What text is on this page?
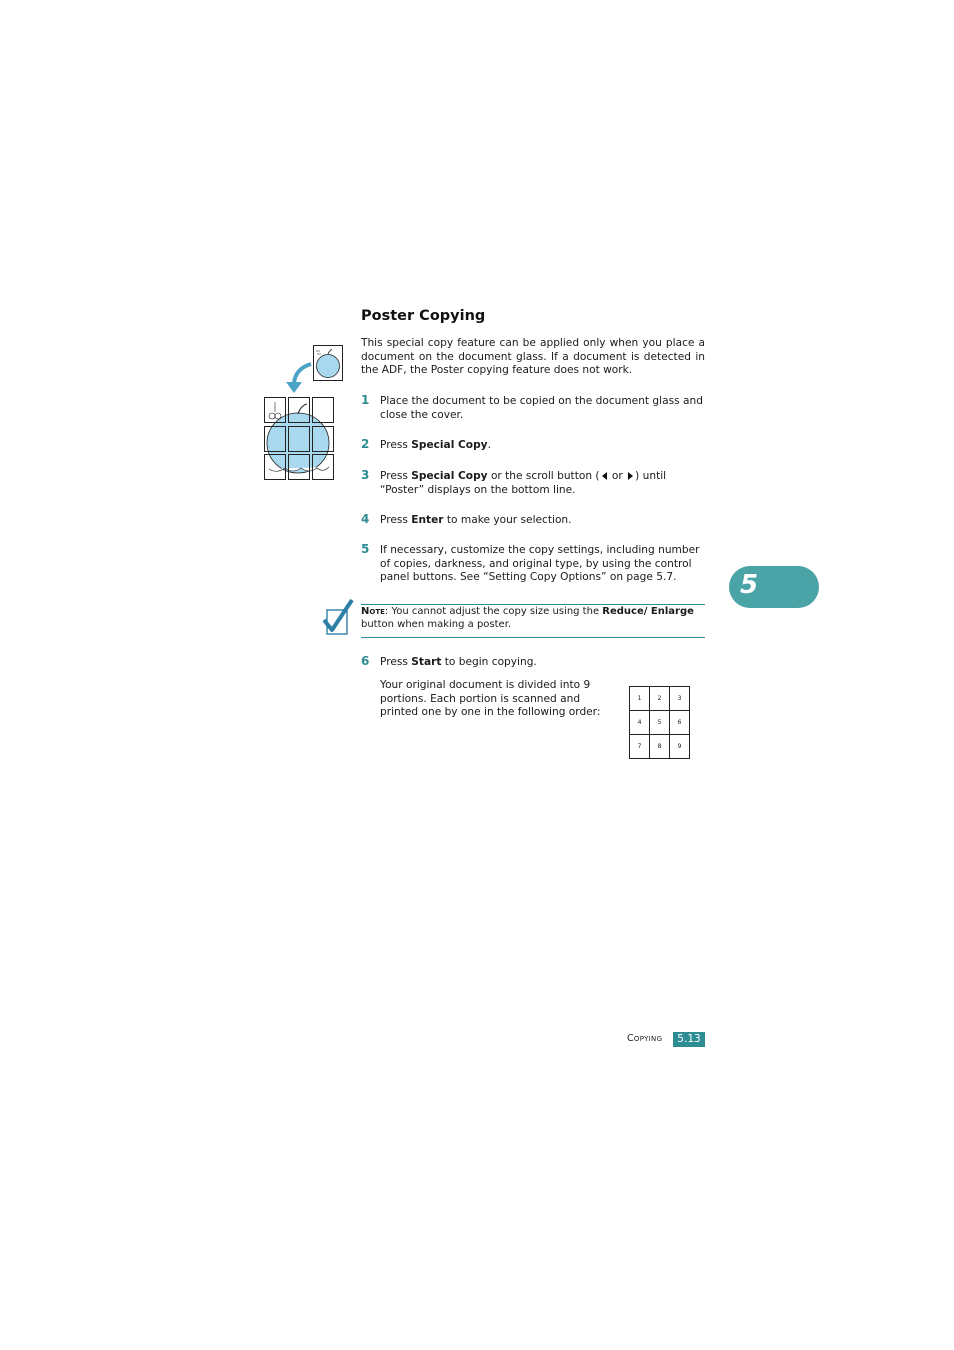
Poster Copying
This special copy feature can be applied only when you place a document on the document glass. If a document is detected in the ADF, the Poster copying feature does not work.
1 Place the document to be copied on the document glass and close the cover.
2 Press Special Copy.
3 Press Special Copy or the scroll button ( or ) until “Poster” displays on the bottom line.
4 Press Enter to make your selection.
5 If necessary, customize the copy settings, including number of copies, darkness, and original type, by using the control panel buttons. See “Setting Copy Options” on page 5.7.
Note: You cannot adjust the copy size using the Reduce/ Enlarge button when making a poster.
6 Press Start to begin copying.
Your original document is divided into 9 portions. Each portion is scanned and printed one by one in the following order:
1	2	3
4	5	6
7	8	9
5
Copying	5.13
